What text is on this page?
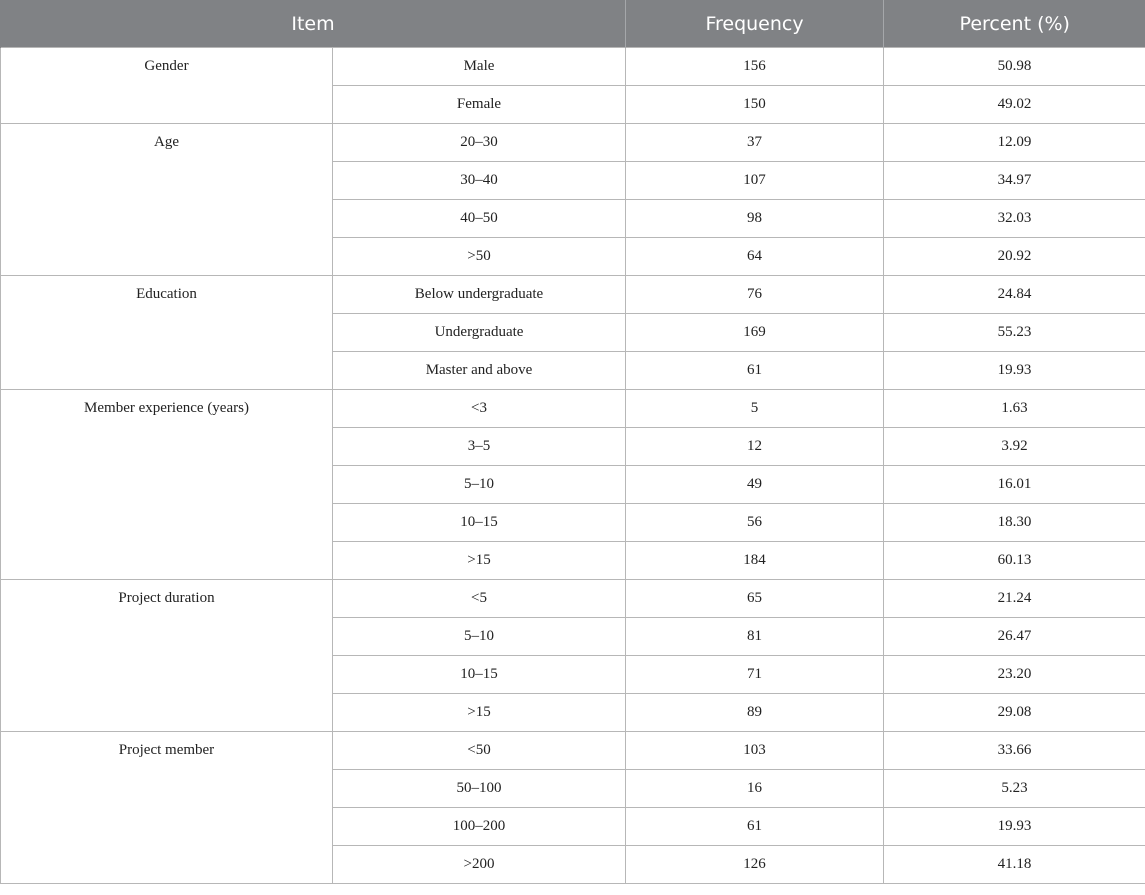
Item		Frequency	Percent (%)
Gender	Male	156	50.98
	Female	150	49.02
Age	20–30	37	12.09
	30–40	107	34.97
	40–50	98	32.03
	>50	64	20.92
Education	Below undergraduate	76	24.84
	Undergraduate	169	55.23
	Master and above	61	19.93
Member experience (years)	<3	5	1.63
	3–5	12	3.92
	5–10	49	16.01
	10–15	56	18.30
	>15	184	60.13
Project duration	<5	65	21.24
	5–10	81	26.47
	10–15	71	23.20
	>15	89	29.08
Project member	<50	103	33.66
	50–100	16	5.23
	100–200	61	19.93
	>200	126	41.18
